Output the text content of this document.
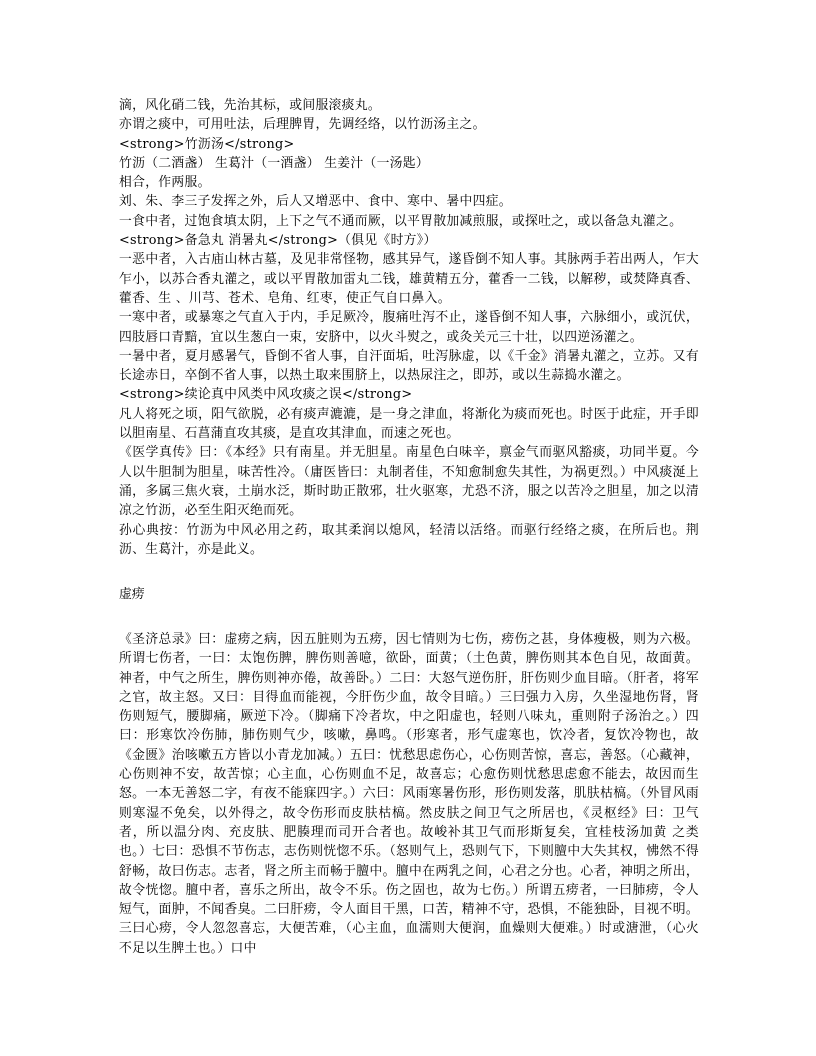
滴，风化硝二钱，先治其标，或间服滚痰丸。

亦谓之痰中，可用吐法，后理脾胃，先调经络，以竹沥汤主之。

<strong>竹沥汤</strong>

竹沥（二酒盏） 生葛汁（一酒盏） 生姜汁（一汤匙）

相合，作两服。

刘、朱、李三子发挥之外，后人又增恶中、食中、寒中、暑中四症。

一食中者，过饱食填太阴，上下之气不通而厥，以平胃散加减煎服，或探吐之，或以备急丸灌之。

<strong>备急丸 消暑丸</strong>（俱见《时方》）

一恶中者，入古庙山林古墓，及见非常怪物，感其异气，遂昏倒不知人事。其脉两手若出两人，乍大乍小，以苏合香丸灌之，或以平胃散加雷丸二钱，雄黄精五分，藿香一二钱，以解秽，或焚降真香、藿香、生 、川芎、苍术、皂角、红枣，使正气自口鼻入。

一寒中者，或暴寒之气直入于内，手足厥冷，腹痛吐泻不止，遂昏倒不知人事，六脉细小，或沉伏，四肢唇口青黯，宜以生葱白一束，安脐中，以火斗熨之，或灸关元三十壮，以四逆汤灌之。

一暑中者，夏月感暑气，昏倒不省人事，自汗面垢，吐泻脉虚，以《千金》消暑丸灌之，立苏。又有长途赤日，卒倒不省人事，以热土取来围脐上，以热尿注之，即苏，或以生蒜捣水灌之。

<strong>续论真中风类中风攻痰之误</strong>

凡人将死之顷，阳气欲脱，必有痰声漉漉，是一身之津血，将渐化为痰而死也。时医于此症，开手即以胆南星、石菖蒲直攻其痰，是直攻其津血，而速之死也。

《医学真传》曰：《本经》只有南星。并无胆星。南星色白味辛，禀金气而驱风豁痰，功同半夏。今人以牛胆制为胆星，味苦性冷。（庸医皆曰：丸制者佳，不知愈制愈失其性，为祸更烈。）中风痰涎上涌，多属三焦火衰，土崩水泛，斯时助正散邪，壮火驱寒，尤恐不济，服之以苦冷之胆星，加之以清凉之竹沥，必至生阳灭绝而死。

孙心典按：竹沥为中风必用之药，取其柔润以熄风，轻清以活络。而驱行经络之痰，在所后也。荆沥、生葛汁，亦是此义。

虚痨

《圣济总录》曰：虚痨之病，因五脏则为五痨，因七情则为七伤，痨伤之甚，身体瘦极，则为六极。所谓七伤者，一曰：太饱伤脾，脾伤则善噫，欲卧，面黄；（土色黄，脾伤则其本色自见，故面黄。神者，中气之所生，脾伤则神亦倦，故善卧。）二曰：大怒气逆伤肝，肝伤则少血目暗。（肝者，将军之官，故主怒。又曰：目得血而能视，今肝伤少血，故令目暗。）三曰强力入房，久坐湿地伤肾，肾伤则短气，腰脚痛，厥逆下冷。（脚痛下冷者坎，中之阳虚也，轻则八味丸，重则附子汤治之。）四曰：形寒饮冷伤肺，肺伤则气少，咳嗽，鼻鸣。（形寒者，形气虚寒也，饮冷者，复饮冷物也，故《金匮》治咳嗽五方皆以小青龙加减。）五曰：忧愁思虑伤心，心伤则苦惊，喜忘，善怒。（心藏神，心伤则神不安，故苦惊；心主血，心伤则血不足，故喜忘；心愈伤则忧愁思虑愈不能去，故因而生怒。一本无善怒二字，有夜不能寐四字。）六曰：风雨寒暑伤形，形伤则发落，肌肤枯槁。（外冒风雨则寒湿不免矣，以外得之，故令伤形而皮肤枯槁。然皮肤之间卫气之所居也，《灵枢经》曰：卫气者，所以温分肉、充皮肤、肥腠理而司开合者也。故峻补其卫气而形斯复矣，宜桂枝汤加黄 之类也。）七曰：恐惧不节伤志，志伤则恍惚不乐。（怒则气上，恐则气下，下则膻中大失其权，怫然不得舒畅，故曰伤志。志者，肾之所主而畅于膻中。膻中在两乳之间，心君之分也。心者，神明之所出，故令恍惚。膻中者，喜乐之所出，故令不乐。伤之固也，故为七伤。）所谓五痨者，一曰肺痨，令人短气，面肿，不闻香臭。二曰肝痨，令人面目干黑，口苦，精神不守，恐惧，不能独卧，目视不明。三曰心痨，令人忽忽喜忘，大便苦难，（心主血，血濡则大便润，血燥则大便难。）时或溏泄，（心火不足以生脾土也。）口中
